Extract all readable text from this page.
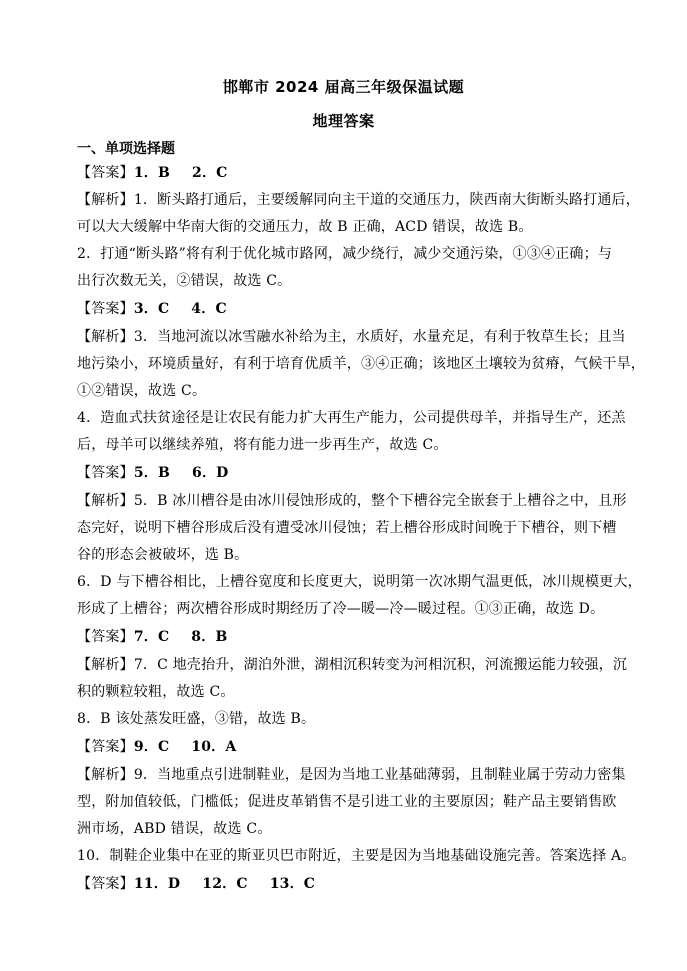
邯郸市 2024 届高三年级保温试题
地理答案
一、单项选择题
【答案】1．B 2．C
【解析】1．断头路打通后，主要缓解同向主干道的交通压力，陕西南大街断头路打通后，
可以大大缓解中华南大街的交通压力，故 B 正确，ACD 错误，故选 B。
2．打通“断头路”将有利于优化城市路网，减少绕行，减少交通污染，①③④正确；与
出行次数无关，②错误，故选 C。
【答案】3．C 4．C
【解析】3．当地河流以冰雪融水补给为主，水质好，水量充足，有利于牧草生长；且当
地污染小，环境质量好，有利于培育优质羊，③④正确；该地区土壤较为贫瘠，气候干旱，
①②错误，故选 C。
4．造血式扶贫途径是让农民有能力扩大再生产能力，公司提供母羊，并指导生产，还羔
后，母羊可以继续养殖，将有能力进一步再生产，故选 C。
【答案】5．B 6．D
【解析】5．B 冰川槽谷是由冰川侵蚀形成的，整个下槽谷完全嵌套于上槽谷之中，且形
态完好，说明下槽谷形成后没有遭受冰川侵蚀；若上槽谷形成时间晚于下槽谷，则下槽
谷的形态会被破坏，选 B。
6．D 与下槽谷相比，上槽谷宽度和长度更大，说明第一次冰期气温更低，冰川规模更大，
形成了上槽谷；两次槽谷形成时期经历了冷—暖—冷—暖过程。①③正确，故选 D。
【答案】7．C 8．B
【解析】7．C 地壳抬升，湖泊外泄，湖相沉积转变为河相沉积，河流搬运能力较强，沉
积的颗粒较粗，故选 C。
8．B 该处蒸发旺盛，③错，故选 B。
【答案】9．C 10．A
【解析】9．当地重点引进制鞋业，是因为当地工业基础薄弱，且制鞋业属于劳动力密集
型，附加值较低，门槛低；促进皮革销售不是引进工业的主要原因；鞋产品主要销售欧
洲市场，ABD 错误，故选 C。
10．制鞋企业集中在亚的斯亚贝巴市附近，主要是因为当地基础设施完善。答案选择 A。
【答案】11．D 12．C 13．C
